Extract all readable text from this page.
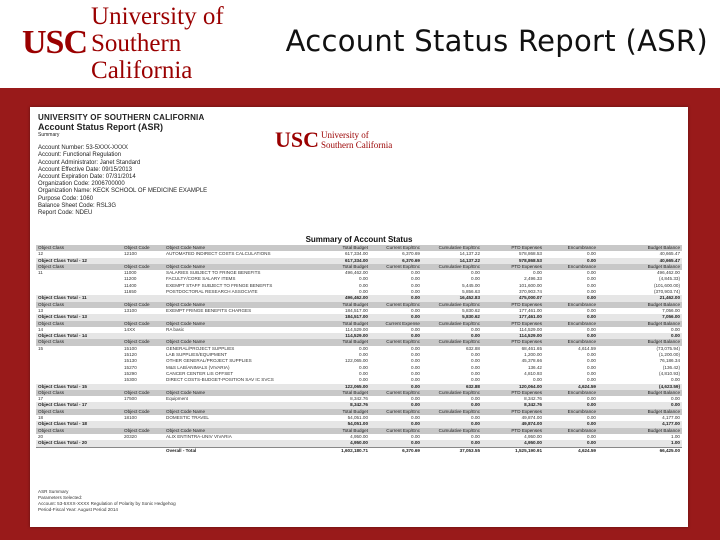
USC
University of
Southern California
Account Status Report (ASR)
UNIVERSITY OF SOUTHERN CALIFORNIA
Account Status Report (ASR)
Summary
Account Number: 53-5XXX-XXXX
Account: Functional Regulation
Account Administrator: Janet Standard
Account Effective Date: 09/15/2013
Account Expiration Date: 07/31/2014
Organization Code: 2006700000
Organization Name: KECK SCHOOL OF MEDICINE EXAMPLE
Purpose Code: 1060
Balance Sheet Code: RSL3G
Report Code: NDEU
USC University of
Southern California
Summary of Account Status
Object Class	Object Code	Object Code Name	Total Budget	Current Exp/Enc	Cumulative Exp/Enc	PTD Expenses	Encumbrance	Budget Balance
12	12100	AUTOMATED INDIRECT COSTS CALCULATIONS	617,334.00	6,370.69	14,137.22	578,868.53	0.00	40,665.47
Object Class Total - 12			617,334.00	6,370.69	14,137.22	578,868.53	0.00	40,665.47
Object Class	Object Code	Object Code Name	Total Budget	Current Exp/Enc	Cumulative Exp/Enc	PTD Expenses	Encumbrance	Budget Balance
11	11000	SALARIES SUBJECT TO FRINGE BENEFITS	496,462.00	0.00	0.00	0.00	0.00	496,462.00
	11200	FACULTY/CORE SALARY ITEMS	0.00	0.00	0.00	2,496.33	0.00	(4,845.33)
	11400	EXEMPT STAFF SUBJECT TO FRINGE BENEFITS	0.00	0.00	5,445.00	101,600.00	0.00	(101,600.00)
	11650	POSTDOCTORAL RESEARCH ASSOCIATE	0.00	0.00	5,856.63	370,903.74	0.00	(370,903.74)
Object Class Total - 11			496,462.00	0.00	16,452.83	475,000.07	0.00	21,462.00
Object Class	Object Code	Object Code Name	Total Budget	Current Exp/Enc	Cumulative Exp/Enc	PTD Expenses	Encumbrance	Budget Balance
13	13100	EXEMPT FRINGE BENEFITS CHARGES	184,517.00	0.00	5,830.62	177,461.00	0.00	7,056.00
Object Class Total - 13			184,517.00	0.00	5,830.62	177,461.00	0.00	7,056.00
Object Class	Object Code	Object Code Name	Total Budget	Current Expense	Cumulative Exp/Enc	PTD Expenses	Encumbrance	Budget Balance
14	14XX	RA basic	114,529.00	0.00	0.00	114,529.00	0.00	0.00
Object Class Total - 14			114,529.00	0.00	0.00	114,529.00	0.00	0.00
Object Class	Object Code	Object Code Name	Total Budget	Current Exp/Enc	Cumulative Exp/Enc	PTD Expenses	Encumbrance	Budget Balance
15	15100	GENERAL/PROJECT SUPPLIES	0.00	0.00	632.88	68,461.65	4,614.59	(73,075.94)
	15120	LAB SUPPLIES/EQUIPMENT	0.00	0.00	0.00	1,200.00	0.00	(1,200.00)
	15130	OTHER GENERAL/PROJECT SUPPLIES	122,065.00	0.00	0.00	45,378.66	0.00	76,186.34
	15270	M&S LAB/ANIMALS (VIVARIA)	0.00	0.00	0.00	136.42	0.00	(136.42)
	15290	CANCER CENTER LIS OFFSET	0.00	0.00	0.00	4,810.93	0.00	(4,810.93)
	15300	DIRECT COSTS-BUDGET-POSITION SAV IC SVCS	0.00	0.00	0.00	0.00	0.00	0.00
Object Class Total - 15			122,065.00	0.00	632.88	120,064.00	4,624.59	(4,623.59)
Object Class	Object Code	Object Code Name	Total Budget	Current Exp/Enc	Cumulative Exp/Enc	PTD Expenses	Encumbrance	Budget Balance
17	17500	Equipment	8,342.76	0.00	0.00	8,342.76	0.00	0.00
Object Class Total - 17			8,342.76	0.00	0.00	8,342.76	0.00	0.00
Object Class	Object Code	Object Code Name	Total Budget	Current Exp/Enc	Cumulative Exp/Enc	PTD Expenses	Encumbrance	Budget Balance
18	18100	DOMESTIC TRAVEL	54,051.00	0.00	0.00	49,874.00	0.00	4,177.00
Object Class Total - 18			54,051.00	0.00	0.00	49,874.00	0.00	4,177.00
Object Class	Object Code	Object Code Name	Total Budget	Current Exp/Enc	Cumulative Exp/Enc	PTD Expenses	Encumbrance	Budget Balance
20	20320	ALIX ENTINTRA-UNIV VIVARIA	4,950.00	0.00	0.00	4,950.00	0.00	1.00
Object Class Total - 20			4,950.00	0.00	0.00	4,950.00	0.00	1.00
		Overall - Total	1,602,180.71	6,370.69	37,053.55	1,525,190.91	4,624.59	66,425.00
ASR Summary
Parameters Selected:
Account: 53-5XXX-XXXX Regulation of Polarity by Sonic Hedgehog
Period-Fiscal Year: August Period 2014
